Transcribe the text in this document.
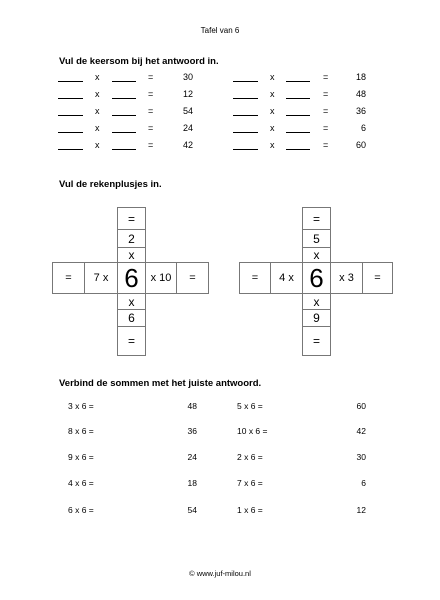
Tafel van 6
Vul de keersom bij het antwoord in.
x	=	30
x	=	12
x	=	54
x	=	24
x	=	42
x	=	18
x	=	48
x	=	36
x	=	6
x	=	60
Vul de rekenplusjes in.
=
2
x
=	7 x 6	x 10	=
x
6
=
=
5
x
=	4 x 6	x 3	=
x
9
=
Verbind de sommen met het juiste antwoord.
3 x 6 =	48
8 x 6 =	36
9 x 6 =	24
4 x 6 =	18
6 x 6 =	54
5 x 6 =	60
10 x 6 =	42
2 x 6 =	30
7 x 6 =	6
1 x 6 =	12
© www.juf-milou.nl
